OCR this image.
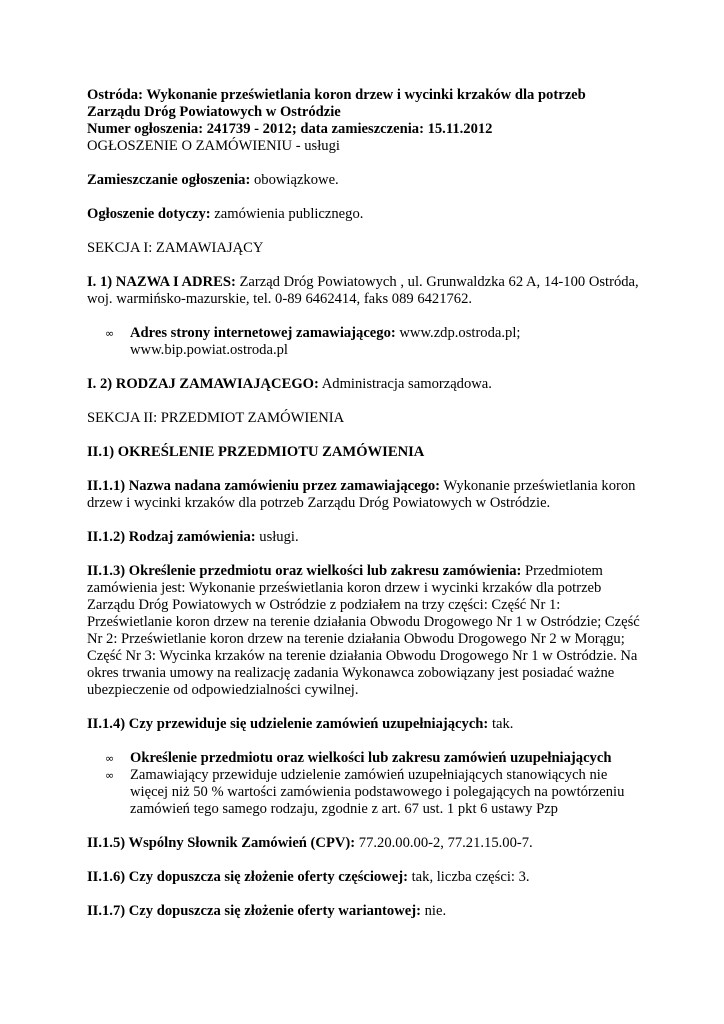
Ostróda: Wykonanie prześwietlania koron drzew i wycinki krzaków dla potrzeb

Zarządu Dróg Powiatowych w Ostródzie

Numer ogłoszenia: 241739 - 2012; data zamieszczenia: 15.11.2012

OGŁOSZENIE O ZAMÓWIENIU - usługi

Zamieszczanie ogłoszenia: obowiązkowe.

Ogłoszenie dotyczy: zamówienia publicznego.

SEKCJA I: ZAMAWIAJĄCY

I. 1) NAZWA I ADRES: Zarząd Dróg Powiatowych , ul. Grunwaldzka 62 A, 14-100 Ostróda, woj. warmińsko-mazurskie, tel. 0-89 6462414, faks 089 6421762.

∞ Adres strony internetowej zamawiającego: www.zdp.ostroda.pl; www.bip.powiat.ostroda.pl

I. 2) RODZAJ ZAMAWIAJĄCEGO: Administracja samorządowa.

SEKCJA II: PRZEDMIOT ZAMÓWIENIA

II.1) OKREŚLENIE PRZEDMIOTU ZAMÓWIENIA

II.1.1) Nazwa nadana zamówieniu przez zamawiającego: Wykonanie prześwietlania koron drzew i wycinki krzaków dla potrzeb Zarządu Dróg Powiatowych w Ostródzie.

II.1.2) Rodzaj zamówienia: usługi.

II.1.3) Określenie przedmiotu oraz wielkości lub zakresu zamówienia: Przedmiotem zamówienia jest: Wykonanie prześwietlania koron drzew i wycinki krzaków dla potrzeb Zarządu Dróg Powiatowych w Ostródzie z podziałem na trzy części: Część Nr 1: Prześwietlanie koron drzew na terenie działania Obwodu Drogowego Nr 1 w Ostródzie; Część Nr 2: Prześwietlanie koron drzew na terenie działania Obwodu Drogowego Nr 2 w Morągu; Część Nr 3: Wycinka krzaków na terenie działania Obwodu Drogowego Nr 1 w Ostródzie. Na okres trwania umowy na realizację zadania Wykonawca zobowiązany jest posiadać ważne ubezpieczenie od odpowiedzialności cywilnej.

II.1.4) Czy przewiduje się udzielenie zamówień uzupełniających: tak.

∞ Określenie przedmiotu oraz wielkości lub zakresu zamówień uzupełniających
∞ Zamawiający przewiduje udzielenie zamówień uzupełniających stanowiących nie więcej niż 50 % wartości zamówienia podstawowego i polegających na powtórzeniu zamówień tego samego rodzaju, zgodnie z art. 67 ust. 1 pkt 6 ustawy Pzp

II.1.5) Wspólny Słownik Zamówień (CPV): 77.20.00.00-2, 77.21.15.00-7.

II.1.6) Czy dopuszcza się złożenie oferty częściowej: tak, liczba części: 3.

II.1.7) Czy dopuszcza się złożenie oferty wariantowej: nie.
